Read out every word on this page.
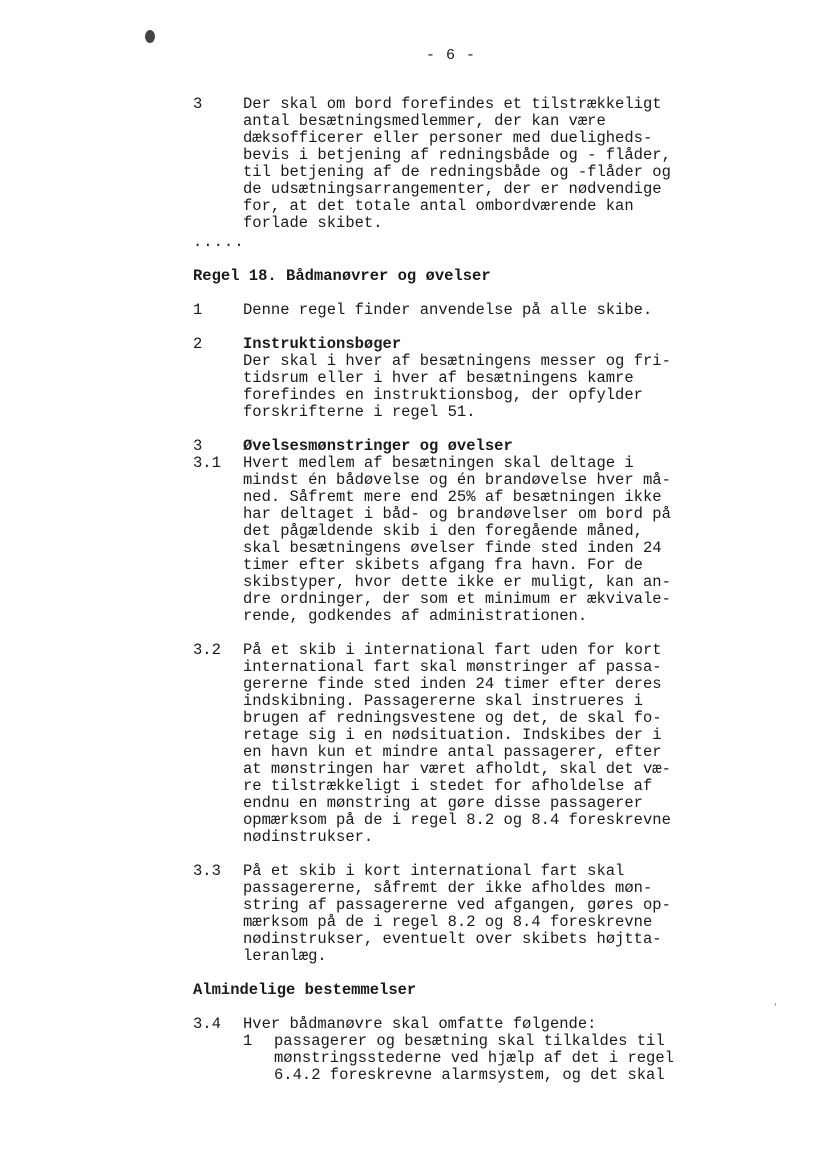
- 6 -
‘
3	Der skal om bord forefindes et tilstrækkeligt
antal besætningsmedlemmer, der kan være
dæksofficerer eller personer med dueligheds-
bevis i betjening af redningsbåde og - flåder,
til betjening af de redningsbåde og -flåder og
de udsætningsarrangementer, der er nødvendige
for, at det totale antal ombordværende kan
forlade skibet.
.....
Regel 18. Bådmanøvrer og øvelser
1	Denne regel finder anvendelse på alle skibe.
2	Instruktionsbøger
Der skal i hver af besætningens messer og fri-
tidsrum eller i hver af besætningens kamre
forefindes en instruktionsbog, der opfylder
forskrifterne i regel 51.
3	Øvelsesmønstringer og øvelser
3.1	Hvert medlem af besætningen skal deltage i
mindst én bådøvelse og én brandøvelse hver må-
ned. Såfremt mere end 25% af besætningen ikke
har deltaget i båd- og brandøvelser om bord på
det pågældende skib i den foregående måned,
skal besætningens øvelser finde sted inden 24
timer efter skibets afgang fra havn. For de
skibstyper, hvor dette ikke er muligt, kan an-
dre ordninger, der som et minimum er ækvivale-
rende, godkendes af administrationen.
3.2	På et skib i international fart uden for kort
international fart skal mønstringer af passa-
gererne finde sted inden 24 timer efter deres
indskibning. Passagererne skal instrueres i
brugen af redningsvestene og det, de skal fo-
retage sig i en nødsituation. Indskibes der i
en havn kun et mindre antal passagerer, efter
at mønstringen har været afholdt, skal det væ-
re tilstrækkeligt i stedet for afholdelse af
endnu en mønstring at gøre disse passagerer
opmærksom på de i regel 8.2 og 8.4 foreskrevne
nødinstrukser.
3.3	På et skib i kort international fart skal
passagererne, såfremt der ikke afholdes møn-
string af passagererne ved afgangen, gøres op-
mærksom på de i regel 8.2 og 8.4 foreskrevne
nødinstrukser, eventuelt over skibets højtta-
leranlæg.
Almindelige bestemmelser
3.4	Hver bådmanøvre skal omfatte følgende:
1	passagerer og besætning skal tilkaldes til
mønstringsstederne ved hjælp af det i regel
6.4.2 foreskrevne alarmsystem, og det skal
